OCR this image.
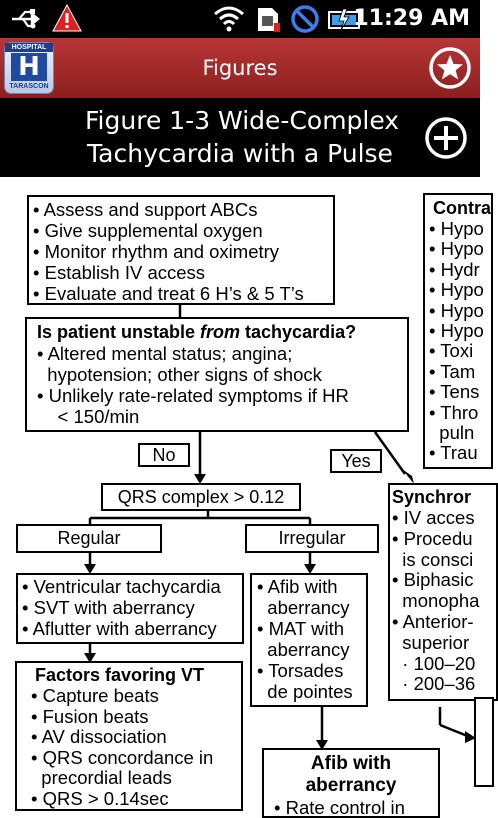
11:29 AM
HOSPITAL
H
TARASCON
Figures
Figure 1-3 Wide-Complex
Tachycardia with a Pulse
• Assess and support ABCs
• Give supplemental oxygen
• Monitor rhythm and oximetry
• Establish IV access
• Evaluate and treat 6 H’s & 5 T’s
Is patient unstable from tachycardia?
• Altered mental status; angina;
hypotension; other signs of shock
• Unlikely rate-related symptoms if HR
< 150/min
No	Yes
QRS complex > 0.12
Regular	Irregular
• Ventricular tachycardia
• SVT with aberrancy
• Aflutter with aberrancy
• Afib with
aberrancy
• MAT with
aberrancy
• Torsades
de pointes
Factors favoring VT
• Capture beats
• Fusion beats
• AV dissociation
• QRS concordance in
precordial leads
• QRS > 0.14sec
Afib with
aberrancy
• Rate control in
Contra
• Hypo
• Hypo
• Hydr
• Hypo
• Hypo
• Hypo
• Toxi
• Tam
• Tens
• Thro
puln
• Trau
Synchror
• IV acces
• Procedu
is consci
• Biphasic
monopha
• Anterior-
superior
· 100–20
· 200–36
